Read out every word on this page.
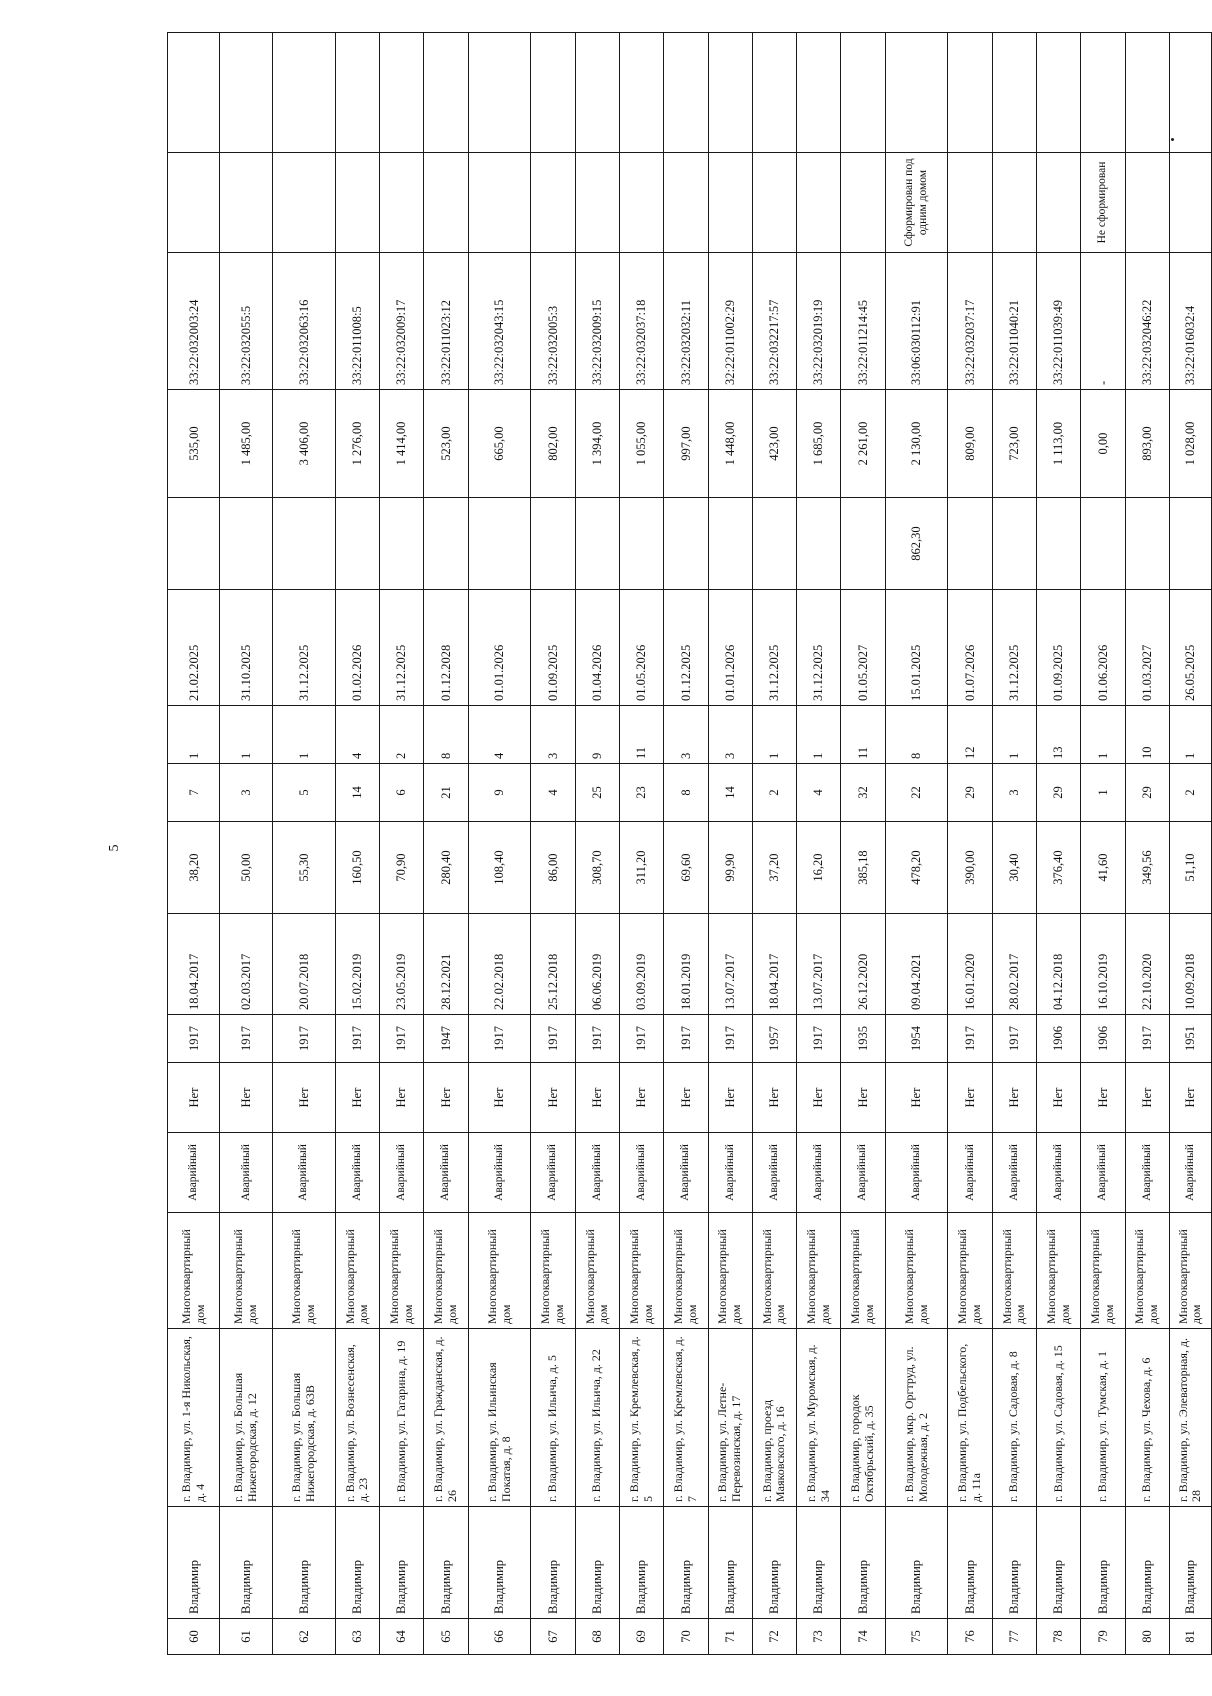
5
60	Владимир	г. Владимир, ул. 1-я Никольская, д. 4	Многоквартирный дом	Аварийный	Нет	1917	18.04.2017	38,20	7	1	21.02.2025		535,00	33:22:032003:24		
61	Владимир	г. Владимир, ул. Большая Нижегородская, д. 12	Многоквартирный дом	Аварийный	Нет	1917	02.03.2017	50,00	3	1	31.10.2025		1 485,00	33:22:032055:5		
62	Владимир	г. Владимир, ул. Большая Нижегородская, д. 63В	Многоквартирный дом	Аварийный	Нет	1917	20.07.2018	55,30	5	1	31.12.2025		3 406,00	33:22:032063:16		
63	Владимир	г. Владимир, ул. Вознесенская, д. 23	Многоквартирный дом	Аварийный	Нет	1917	15.02.2019	160,50	14	4	01.02.2026		1 276,00	33:22:011008:5		
64	Владимир	г. Владимир, ул. Гагарина, д. 19	Многоквартирный дом	Аварийный	Нет	1917	23.05.2019	70,90	6	2	31.12.2025		1 414,00	33:22:032009:17		
65	Владимир	г. Владимир, ул. Гражданская, д. 26	Многоквартирный дом	Аварийный	Нет	1947	28.12.2021	280,40	21	8	01.12.2028		523,00	33:22:011023:12		
66	Владимир	г. Владимир, ул. Ильинская Покатая, д. 8	Многоквартирный дом	Аварийный	Нет	1917	22.02.2018	108,40	9	4	01.01.2026		665,00	33:22:032043:15		
67	Владимир	г. Владимир, ул. Ильича, д. 5	Многоквартирный дом	Аварийный	Нет	1917	25.12.2018	86,00	4	3	01.09.2025		802,00	33:22:032005:3		
68	Владимир	г. Владимир, ул. Ильича, д. 22	Многоквартирный дом	Аварийный	Нет	1917	06.06.2019	308,70	25	9	01.04.2026		1 394,00	33:22:032009:15		
69	Владимир	г. Владимир, ул. Кремлевская, д. 5	Многоквартирный дом	Аварийный	Нет	1917	03.09.2019	311,20	23	11	01.05.2026		1 055,00	33:22:032037:18		
70	Владимир	г. Владимир, ул. Кремлевская, д. 7	Многоквартирный дом	Аварийный	Нет	1917	18.01.2019	69,60	8	3	01.12.2025		997,00	33:22:032032:11		
71	Владимир	г. Владимир, ул. Летне-Перевозинская, д. 17	Многоквартирный дом	Аварийный	Нет	1917	13.07.2017	99,90	14	3	01.01.2026		1 448,00	32:22:011002:29		
72	Владимир	г. Владимир, проезд Маяковского, д. 16	Многоквартирный дом	Аварийный	Нет	1957	18.04.2017	37,20	2	1	31.12.2025		423,00	33:22:032217:57		
73	Владимир	г. Владимир, ул. Муромская, д. 34	Многоквартирный дом	Аварийный	Нет	1917	13.07.2017	16,20	4	1	31.12.2025		1 685,00	33:22:032019:19		
74	Владимир	г. Владимир, городок Октябрьский, д. 35	Многоквартирный дом	Аварийный	Нет	1935	26.12.2020	385,18	32	11	01.05.2027		2 261,00	33:22:011214:45		
75	Владимир	г. Владимир, мкр. Оргтруд, ул. Молодежная, д. 2	Многоквартирный дом	Аварийный	Нет	1954	09.04.2021	478,20	22	8	15.01.2025	862,30	2 130,00	33:06:030112:91	Сформирован под одним домом	
76	Владимир	г. Владимир, ул. Подбельского, д. 11а	Многоквартирный дом	Аварийный	Нет	1917	16.01.2020	390,00	29	12	01.07.2026		809,00	33:22:032037:17		
77	Владимир	г. Владимир, ул. Садовая, д. 8	Многоквартирный дом	Аварийный	Нет	1917	28.02.2017	30,40	3	1	31.12.2025		723,00	33:22:011040:21		
78	Владимир	г. Владимир, ул. Садовая, д. 15	Многоквартирный дом	Аварийный	Нет	1906	04.12.2018	376,40	29	13	01.09.2025		1 113,00	33:22:011039:49		
79	Владимир	г. Владимир, ул. Тумская, д. 1	Многоквартирный дом	Аварийный	Нет	1906	16.10.2019	41,60	1	1	01.06.2026		0,00	-	Не сформирован	
80	Владимир	г. Владимир, ул. Чехова, д. 6	Многоквартирный дом	Аварийный	Нет	1917	22.10.2020	349,56	29	10	01.03.2027		893,00	33:22:032046:22		
81	Владимир	г. Владимир, ул. Элеваторная, д. 28	Многоквартирный дом	Аварийный	Нет	1951	10.09.2018	51,10	2	1	26.05.2025		1 028,00	33:22:016032:4		
